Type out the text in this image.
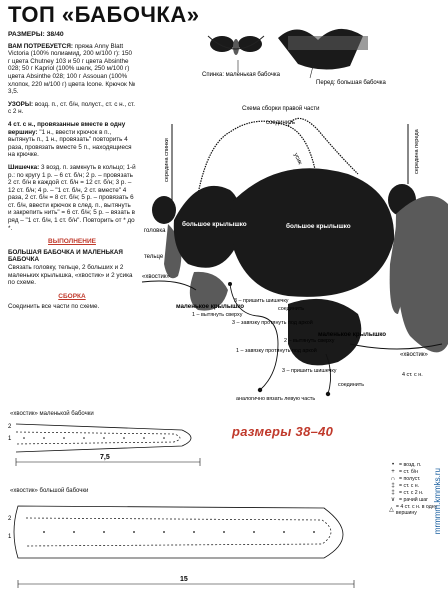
ТОП «БАБОЧКА»
РАЗМЕРЫ: 38/40
ВАМ ПОТРЕБУЕТСЯ: пряжа Anny Blatt Victoria (100% полиамид, 200 м/100 г): 150 г цвета Chutney 103 и 50 г цвета Absinthe 028; 50 г Kapriol (100% шелк, 250 м/100 г) цвета Absinthe 028; 100 г Assouan (100% хлопок, 220 м/100 г) цвета Icone. Крючок № 3,5.
УЗОРЫ: возд. п., ст. б/н, полуст., ст. с н., ст. с 2 н.
4 ст. с н., провязанные вместе в одну вершину: "1 н., ввести крючок в п., вытянуть п., 1 н., провязать" повторить 4 раза, провязать вместе 5 п., находящиеся на крючке.
Шишечка: 3 возд. п. замкнуть в кольцо; 1-й р.: по кругу 1 р. – 6 ст. б/н; 2 р. – провязать 2 ст. б/н в каждой ст. б/н = 12 ст. б/н; 3 р. – 12 ст. б/н; 4 р. – "1 ст. б/н, 2 ст. вместе" 4 раза, 2 ст. б/н = 8 ст. б/н; 5 р. – провязать 6 ст. б/н, ввести крючок в след. п., вытянуть и закрепить нить" = 6 ст. б/н; 5 р. – вязать в ряд – "1 ст. б/н, 1 ст. б/н". Повторить от * до *.
ВЫПОЛНЕНИЕ
БОЛЬШАЯ БАБОЧКА И МАЛЕНЬКАЯ БАБОЧКА
Связать головку, тельце, 2 больших и 2 маленьких крылышка, «хвостик» и 2 усика по схеме.
СБОРКА
Соединить все части по схеме.
Спинка: маленькая бабочка
Перед: большая бабочка
Схема сборки правой части
соединить
усик
середина спинки	середина переда
головка
тельце
большое крылышко	большое крылышко
маленькое крылышко
маленькое крылышко
«хвостик»
«хвостик»
1 – вытянуть сверху
3 – завязку протянуть под аркой
3 – пришить шишечку
2 – вытянуть сверху
1 – завязку протянуть под аркой
3 – пришить шишечку
соединить
соединить
аналогично вязать левую часть
4 ст. с н.
«хвостик» маленькой бабочки
2
1
7,5
размеры 38–40
«хвостик» большой бабочки
2
1
15
• = возд. п.
+ = ст. б/н
∩ = полуст.
‡ = ст. с н.
‡ = ст. с 2 н.
∨ = рачий шаг
△ = 4 ст. с н. в одну вершину	mrmmm.kmmks.ru
